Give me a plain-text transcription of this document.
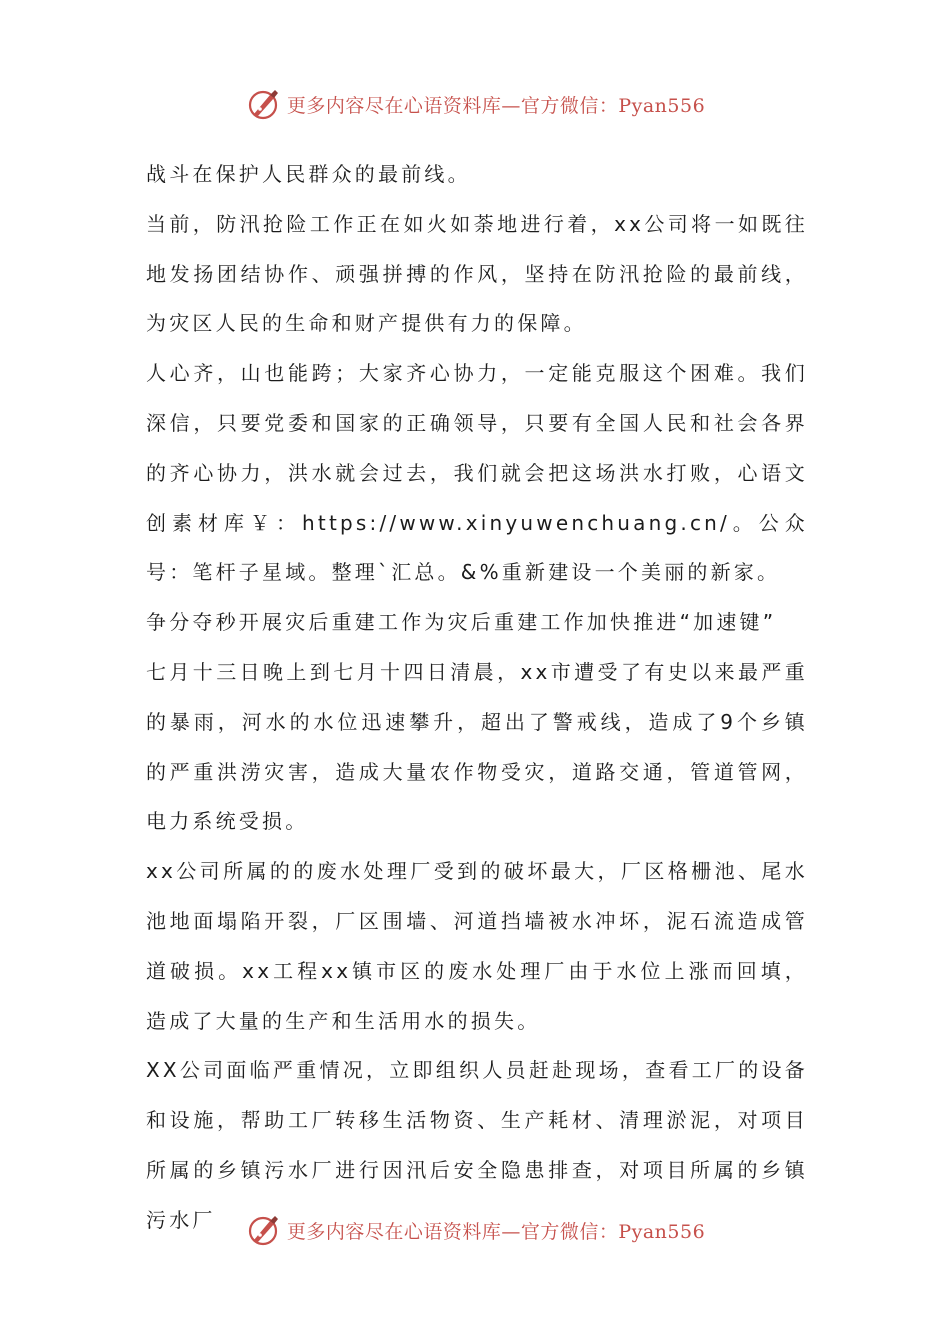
更多内容尽在心语资料库—官方微信：Pyan556

战斗在保护人民群众的最前线。

当前，防汛抢险工作正在如火如荼地进行着，xx公司将一如既往地发扬团结协作、顽强拼搏的作风，坚持在防汛抢险的最前线，为灾区人民的生命和财产提供有力的保障。

人心齐，山也能跨；大家齐心协力，一定能克服这个困难。我们深信，只要党委和国家的正确领导，只要有全国人民和社会各界的齐心协力，洪水就会过去，我们就会把这场洪水打败，心语文创素材库￥：https://www.xinyuwenchuang.cn/。公众号：笔杆子星域。整理`汇总。&%重新建设一个美丽的新家。

争分夺秒开展灾后重建工作为灾后重建工作加快推进“加速键”

七月十三日晚上到七月十四日清晨，xx市遭受了有史以来最严重的暴雨，河水的水位迅速攀升，超出了警戒线，造成了9个乡镇的严重洪涝灾害，造成大量农作物受灾，道路交通，管道管网，电力系统受损。

xx公司所属的的废水处理厂受到的破坏最大，厂区格栅池、尾水池地面塌陷开裂，厂区围墙、河道挡墙被水冲坏，泥石流造成管道破损。xx工程xx镇市区的废水处理厂由于水位上涨而回填，造成了大量的生产和生活用水的损失。

XX公司面临严重情况，立即组织人员赶赴现场，查看工厂的设备和设施，帮助工厂转移生活物资、生产耗材、清理淤泥，对项目所属的乡镇污水厂进行因汛后安全隐患排查，对项目所属的乡镇污水厂	更多内容尽在心语资料库—官方微信：Pyan556
